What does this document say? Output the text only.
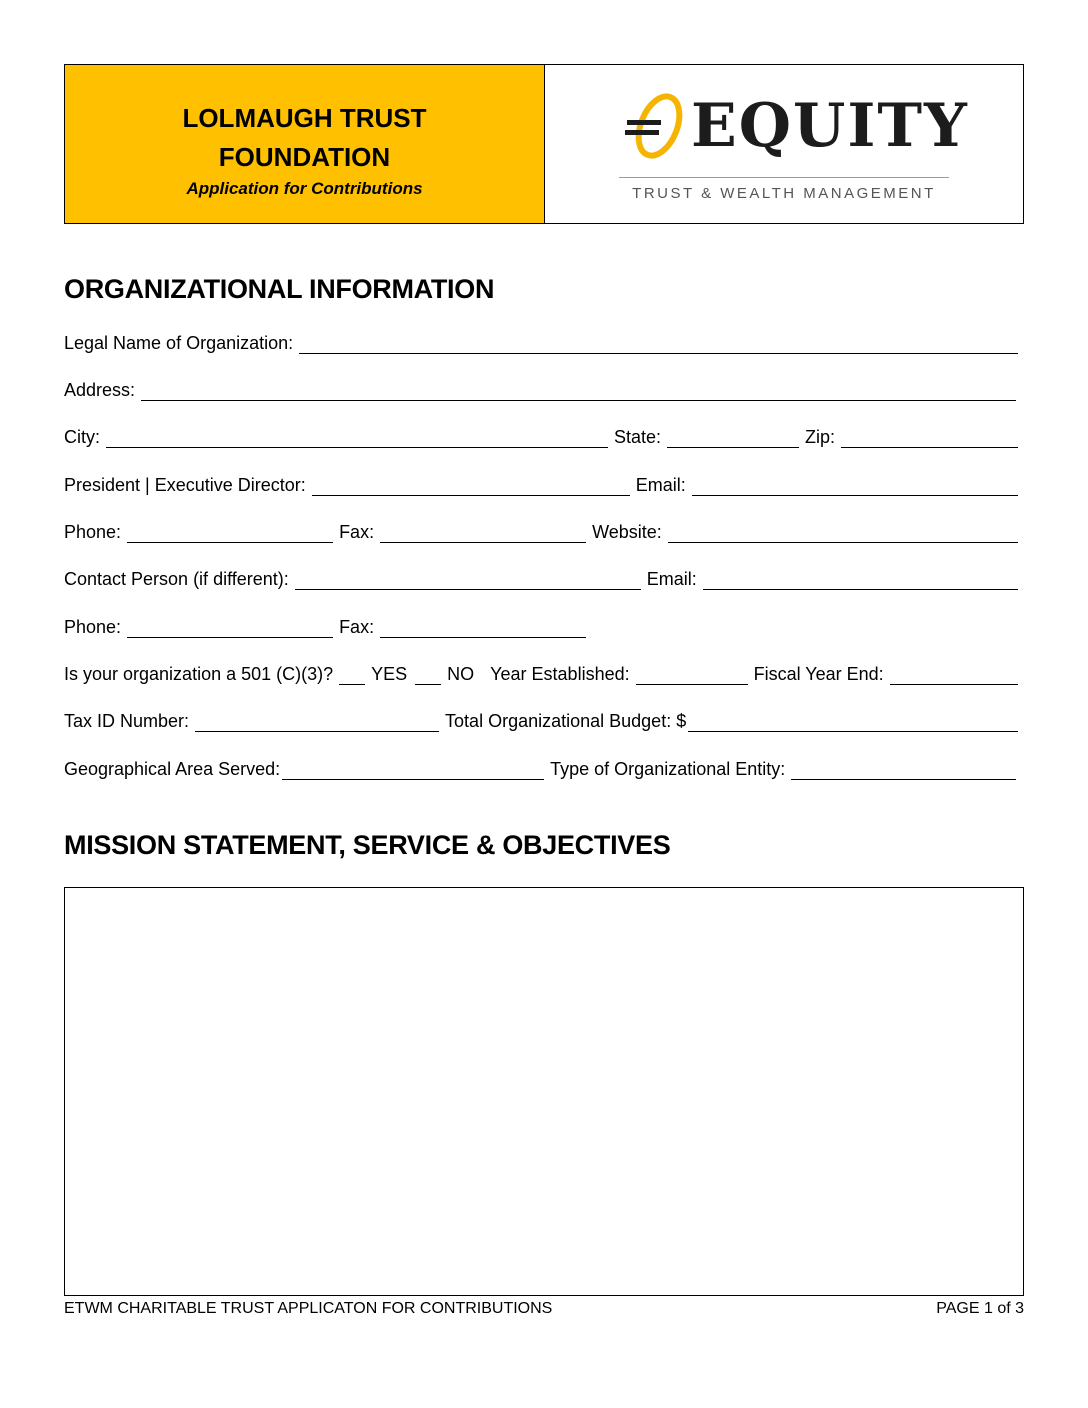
LOLMAUGH TRUST
FOUNDATION
Application for Contributions
EQUITY
TRUST & WEALTH MANAGEMENT
ORGANIZATIONAL INFORMATION
Legal Name of Organization:
Address:
City:	State:	Zip:
President | Executive Director:	Email:
Phone:	Fax:	Website:
Contact Person (if different):	Email:
Phone:	Fax:
Is your organization a 501 (C)(3)? YES NO Year Established:	Fiscal Year End:
Tax ID Number:	Total Organizational Budget: $
Geographical Area Served:	Type of Organizational Entity:
MISSION STATEMENT, SERVICE & OBJECTIVES
ETWM CHARITABLE TRUST APPLICATON FOR CONTRIBUTIONS	PAGE 1 of 3
